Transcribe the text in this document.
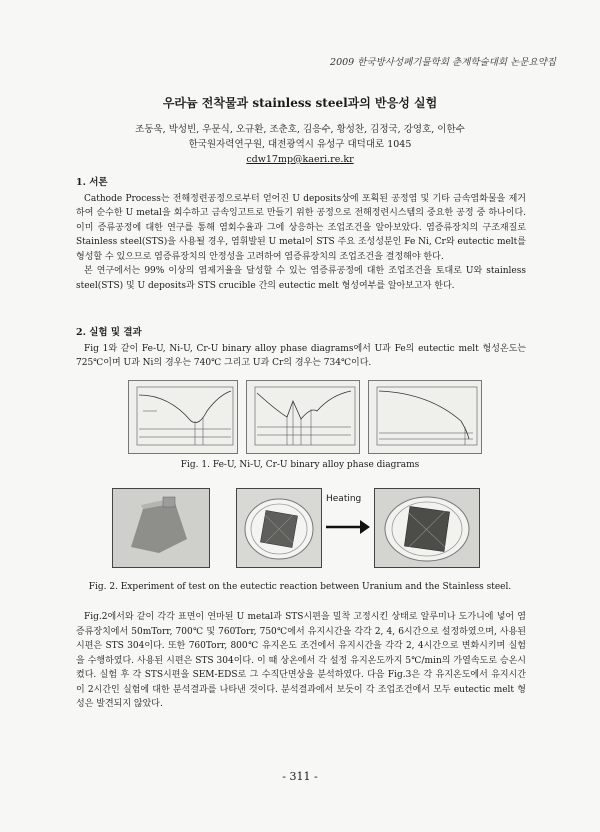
2009 한국방사성폐기물학회 춘계학술대회 논문요약집
우라늄 전착물과 stainless steel과의 반응성 실험
조동욱, 박성빈, 우문식, 오규환, 조춘호, 김응수, 황성찬, 김정국, 강영호, 이한수
한국원자력연구원, 대전광역시 유성구 대덕대로 1045
cdw17mp@kaeri.re.kr
1. 서론

Cathode Process는 전해정련공정으로부터 얻어진 U deposits상에 포획된 공정염 및 기타 금속염화물을 제거하여 순수한 U metal을 회수하고 금속잉고트로 만들기 위한 공정으로 전해정련시스템의 중요한 공정 중 하나이다. 이미 증류공정에 대한 연구를 통해 염회수율과 그에 상응하는 조업조건을 알아보았다. 염증류장치의 구조재질로 Stainless steel(STS)을 사용될 경우, 염휘발된 U metal이 STS 주요 조성성분인 Fe Ni, Cr와 eutectic melt를 형성할 수 있으므로 염증류장치의 안정성을 고려하여 염증류장치의 조업조건을 결정해야 한다.

본 연구에서는 99% 이상의 염제거율을 달성할 수 있는 염증류공정에 대한 조업조건을 토대로 U와 stainless steel(STS) 및 U deposits과 STS crucible 간의 eutectic melt 형성여부를 알아보고자 한다.

2. 실험 및 결과

Fig 1와 같이 Fe-U, Ni-U, Cr-U binary alloy phase diagrams에서 U과 Fe의 eutectic melt 형성온도는 725℃이며 U과 Ni의 경우는 740℃ 그리고 U과 Cr의 경우는 734℃이다.

Fig. 1. Fe-U, Ni-U, Cr-U binary alloy phase diagrams
Heating
Fig. 2. Experiment of test on the eutectic reaction between Uranium and the Stainless steel.

Fig.2에서와 같이 각각 표면이 연마된 U metal과 STS시편을 밀착 고정시킨 상태로 알루미나 도가니에 넣어 염증류장치에서 50mTorr, 700℃ 및 760Torr, 750℃에서 유지시간을 각각 2, 4, 6시간으로 설정하였으며, 사용된 시편은 STS 304이다. 또한 760Torr, 800℃ 유지온도 조건에서 유지시간을 각각 2, 4시간으로 변화시키며 실험을 수행하였다. 사용된 시편은 STS 304이다. 이 때 상온에서 각 설정 유지온도까지 5℃/min의 가열속도로 승온시켰다. 실험 후 각 STS시편을 SEM-EDS로 그 수직단면상을 분석하였다. 다음 Fig.3은 각 유지온도에서 유지시간이 2시간인 실험에 대한 분석결과를 나타낸 것이다. 분석결과에서 보듯이 각 조업조건에서 모두 eutectic melt 형성은 발견되지 않았다.

- 311 -
